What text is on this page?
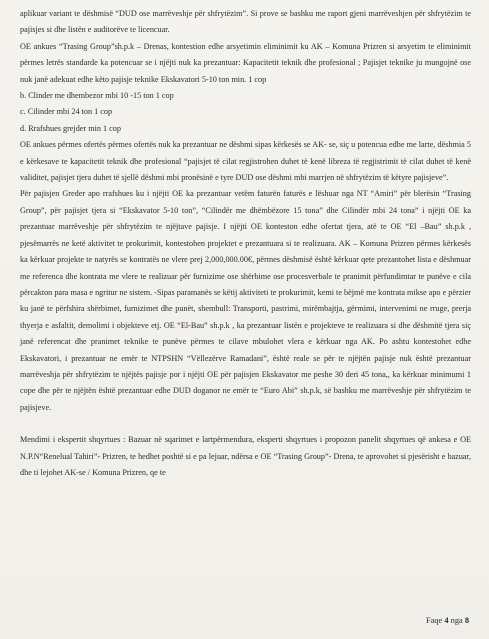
aplikuar variant te dëshmisë “DUD ose marrëveshje për shfrytëzim”. Si prove se bashku me raport gjeni marrëveshjen për shfrytëzim te pajisjes si dhe listën e auditorëve te licencuar.

OE ankues “Trasing Group”sh.p.k – Drenas, kontestion edhe arsyetimin eliminimit ku AK – Komuna Prizren si arsyetim te eliminimit përmes letrës standarde ka potencuar se i njëjti nuk ka prezantuar: Kapacitetit teknik dhe profesional ; Pajisjet teknike ju mungojnë ose nuk janë adekuat edhe këto pajisje teknike Ekskavatori 5-10 ton min. 1 cop

b. Clinder me dhembezor mbi 10 -15 ton 1 cop

c. Cilinder mbi 24 ton 1 cop

d. Rrafshues grejder min 1 cop

OE ankues përmes ofertës përmes ofertës nuk ka prezantuar ne dëshmi sipas kërkesës se AK- se, siç u potencua edhe me larte, dëshmia 5 e kërkesave te kapacitetit teknik dhe profesional “pajisjet të cilat regjistrohen duhet të kenë libreza të regjistrimit të cilat duhet të kenë validitet, pajisjet tjera duhet të sjellë dëshmi mbi pronësinë e tyre DUD ose dëshmi mbi marrjen në shfrytëzim të këtyre pajisjeve”.

Për pajisjen Greder apo rrafshues ku i njëjti OE ka prezantuar vetëm faturën faturës e lëshuar nga NT “Amiri” për blerësin “Trasing Group”, për pajisjet tjera si “Ekskavator 5-10 ton”, “Cilindër me dhëmbëzore 15 tona” dhe Cilindër mbi 24 tona” i njëjti OE ka prezantuar marrëveshje për shfrytëzim te njëjtave pajisje. I njëjti OE konteston edhe ofertat tjera, atë te OE “El –Bau” sh.p.k , pjesëmarrës ne ketë aktivitet te prokurimit, kontestohen projektet e prezantuara si te realizuara. AK – Komuna Prizren përmes kërkesës ka kërkuar projekte te natyrës se kontratës ne vlere prej 2,000,000.00€, përmes dëshmisë është kërkuar qete prezantohet lista e dëshmuar me referenca dhe kontrata me vlere te realizuar për furnizime ose shërbime ose procesverbale te pranimit përfundimtar te punëve e cila përcakton para masa e ngritur ne sistem. -Sipas paramanës se këtij aktiviteti te prokurimit, kemi te bëjmë me kontrata mikse apo e përzier ku janë te përfshira shërbimet, furnizimet dhe punët, shembull: Transporti, pastrimi, mirëmbajtja, gërmimi, intervenimi ne rruge, prerja thyerja e asfaltit, demolimi i objekteve etj. OE “El-Bau” sh.p.k , ka prezantuar listën e projekteve te realizuara si dhe dëshmitë tjera siç janë referencat dhe pranimet teknike te punëve përmes te cilave mbulohet vlera e kërkuar nga AK. Po ashtu kontestohet edhe Ekskavatori, i prezantuar ne emër te NTPSHN “Vëllezërve Ramadani”, është reale se për te njëjtën pajisje nuk është prezantuar marrëveshja për shfrytëzim te njëjtës pajisje por i njëjti OE për pajisjen Ekskavator me peshe 30 deri 45 tona,, ka kërkuar minimumi 1 cope dhe për te njëjtën është prezantuar edhe DUD doganor ne emër te “Euro Abi” sh.p.k, së bashku me marrëveshje për shfrytëzim te pajisjeve.

Mendimi i ekspertit shqyrtues : Bazuar në sqarimet e lartpërmendura, eksperti shqyrtues i propozon panelit shqyrtues që ankesa e OE N.P.N“Renelual Tahiri”- Prizren, te hedhet poshtë si e pa lejuar, ndërsa e OE “Trasing Group”- Drena, te aprovohet si pjesërisht e bazuar, dhe ti lejohet AK-se / Komuna Prizren, qe te

Faqe 4 nga 8
